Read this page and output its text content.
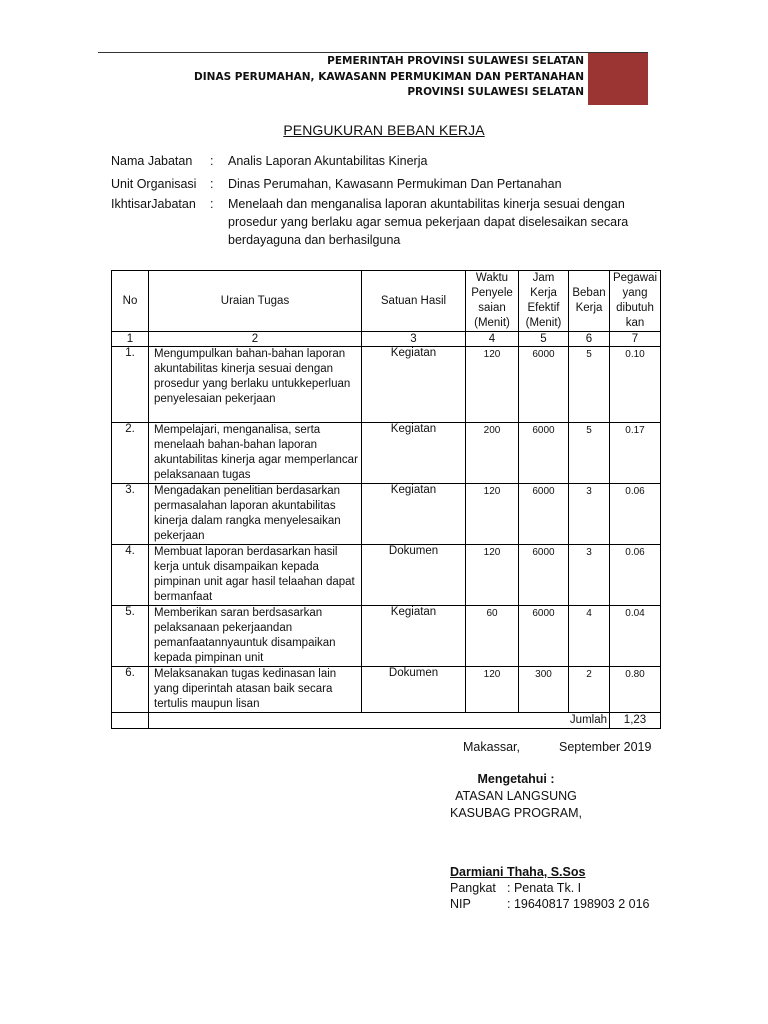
PEMERINTAH PROVINSI SULAWESI SELATAN
DINAS PERUMAHAN, KAWASANN PERMUKIMAN DAN PERTANAHAN
PROVINSI SULAWESI SELATAN
PENGUKURAN BEBAN KERJA
Nama Jabatan : Analis Laporan Akuntabilitas Kinerja
Unit Organisasi : Dinas Perumahan, Kawasann Permukiman Dan Pertanahan
IkhtisarJabatan : Menelaah dan menganalisa laporan akuntabilitas kinerja sesuai dengan prosedur yang berlaku agar semua pekerjaan dapat diselesaikan secara berdayaguna dan berhasilguna
No	Uraian Tugas	Satuan Hasil	Waktu Penyele saian (Menit)	Jam Kerja Efektif (Menit)	Beban Kerja	Pegawai yang dibutuh kan
1	2	3	4	5	6	7
1.	Mengumpulkan bahan-bahan laporan akuntabilitas kinerja sesuai dengan prosedur yang berlaku untukkeperluan penyelesaian pekerjaan	Kegiatan	120	6000	5	0.10
2.	Mempelajari, menganalisa, serta menelaah bahan-bahan laporan akuntabilitas kinerja agar memperlancar pelaksanaan tugas	Kegiatan	200	6000	5	0.17
3.	Mengadakan penelitian berdasarkan permasalahan laporan akuntabilitas kinerja dalam rangka menyelesaikan pekerjaan	Kegiatan	120	6000	3	0.06
4.	Membuat laporan berdasarkan hasil kerja untuk disampaikan kepada pimpinan unit agar hasil telaahan dapat bermanfaat	Dokumen	120	6000	3	0.06
5.	Memberikan saran berdsasarkan pelaksanaan pekerjaandan pemanfaatannyauntuk disampaikan kepada pimpinan unit	Kegiatan	60	6000	4	0.04
6.	Melaksanakan tugas kedinasan lain yang diperintah atasan baik secara tertulis maupun lisan	Dokumen	120	300	2	0.80
	Jumlah					1,23
Makassar,	September 2019
Mengetahui :
ATASAN LANGSUNG
KASUBAG PROGRAM,
Darmiani Thaha, S.Sos
Pangkat : Penata Tk. I
NIP	: 19640817 198903 2 016
